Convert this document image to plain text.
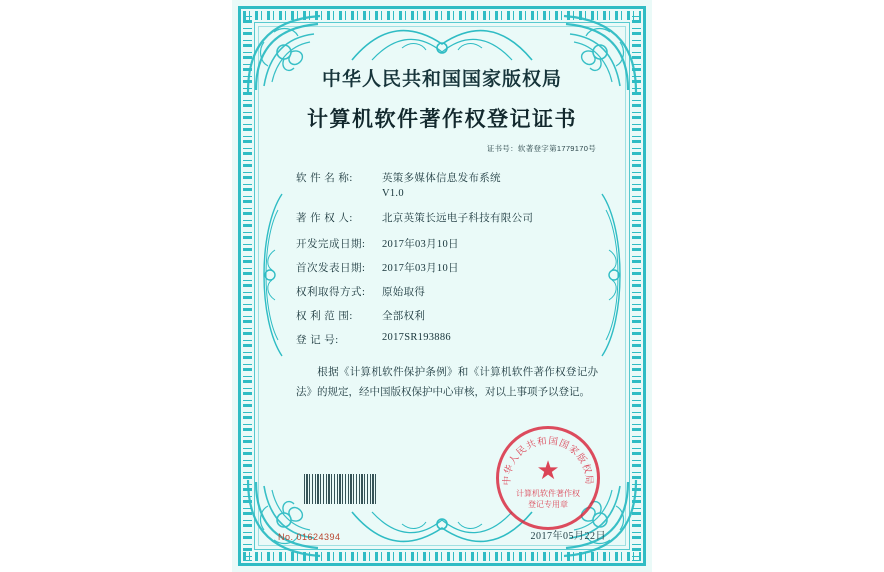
中华人民共和国国家版权局
计算机软件著作权登记证书
证书号：软著登字第1779170号
软 件 名 称:	英策多媒体信息发布系统
V1.0
著 作 权 人:	北京英策长远电子科技有限公司
开发完成日期:	2017年03月10日
首次发表日期:	2017年03月10日
权利取得方式:	原始取得
权 利 范 围:	全部权利
登 记 号:	2017SR193886
根据《计算机软件保护条例》和《计算机软件著作权登记办法》的规定，经中国版权保护中心审核，对以上事项予以登记。
中华人民共和国国家版权局
★
计算机软件著作权
登记专用章
No. 01624394	2017年05月22日
